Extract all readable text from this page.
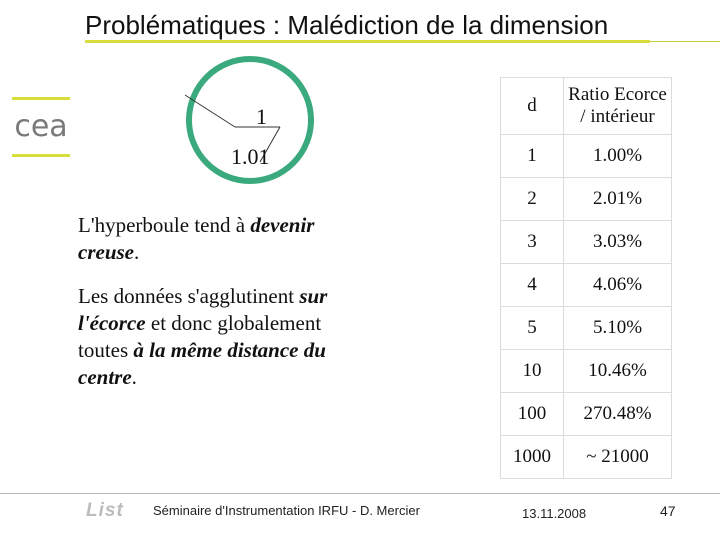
Problématiques : Malédiction de la dimension
cea	1
1.01

L'hyperboule tend à devenir creuse.

Les données s'agglutinent sur l'écorce et donc globalement toutes à la même distance du centre.

d	Ratio Ecorce / intérieur
1	1.00%
2	2.01%
3	3.03%
4	4.06%
5	5.10%
10	10.46%
100	270.48%
1000	~ 21000
List Séminaire d'Instrumentation IRFU - D. Mercier	13.11.2008	47
